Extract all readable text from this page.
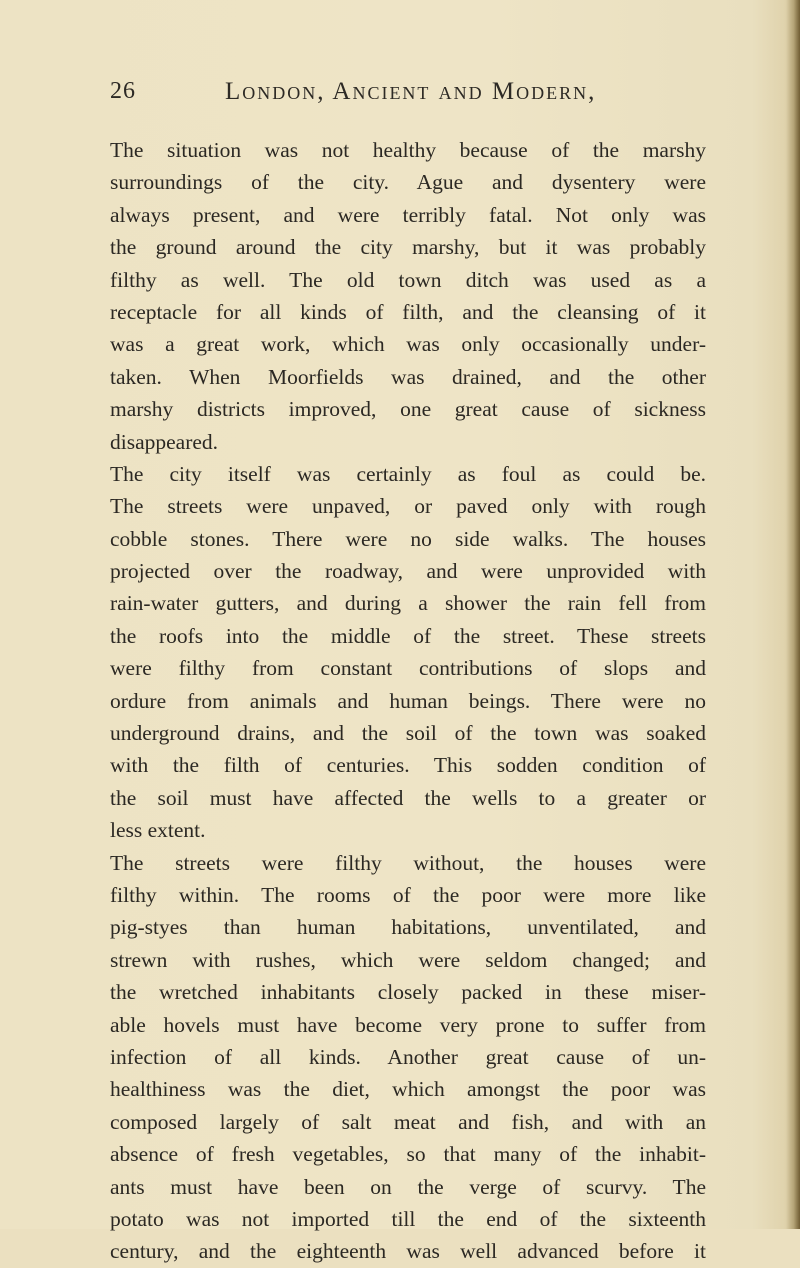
26	London, Ancient and Modern,
The situation was not healthy because of the marshy
surroundings of the city. Ague and dysentery were
always present, and were terribly fatal. Not only was
the ground around the city marshy, but it was probably
filthy as well. The old town ditch was used as a
receptacle for all kinds of filth, and the cleansing of it
was a great work, which was only occasionally under-
taken. When Moorfields was drained, and the other
marshy districts improved, one great cause of sickness
disappeared.
The city itself was certainly as foul as could be.
The streets were unpaved, or paved only with rough
cobble stones. There were no side walks. The houses
projected over the roadway, and were unprovided with
rain-water gutters, and during a shower the rain fell from
the roofs into the middle of the street. These streets
were filthy from constant contributions of slops and
ordure from animals and human beings. There were no
underground drains, and the soil of the town was soaked
with the filth of centuries. This sodden condition of
the soil must have affected the wells to a greater or
less extent.
The streets were filthy without, the houses were
filthy within. The rooms of the poor were more like
pig-styes than human habitations, unventilated, and
strewn with rushes, which were seldom changed; and
the wretched inhabitants closely packed in these miser-
able hovels must have become very prone to suffer from
infection of all kinds. Another great cause of un-
healthiness was the diet, which amongst the poor was
composed largely of salt meat and fish, and with an
absence of fresh vegetables, so that many of the inhabit-
ants must have been on the verge of scurvy. The
potato was not imported till the end of the sixteenth
century, and the eighteenth was well advanced before it
